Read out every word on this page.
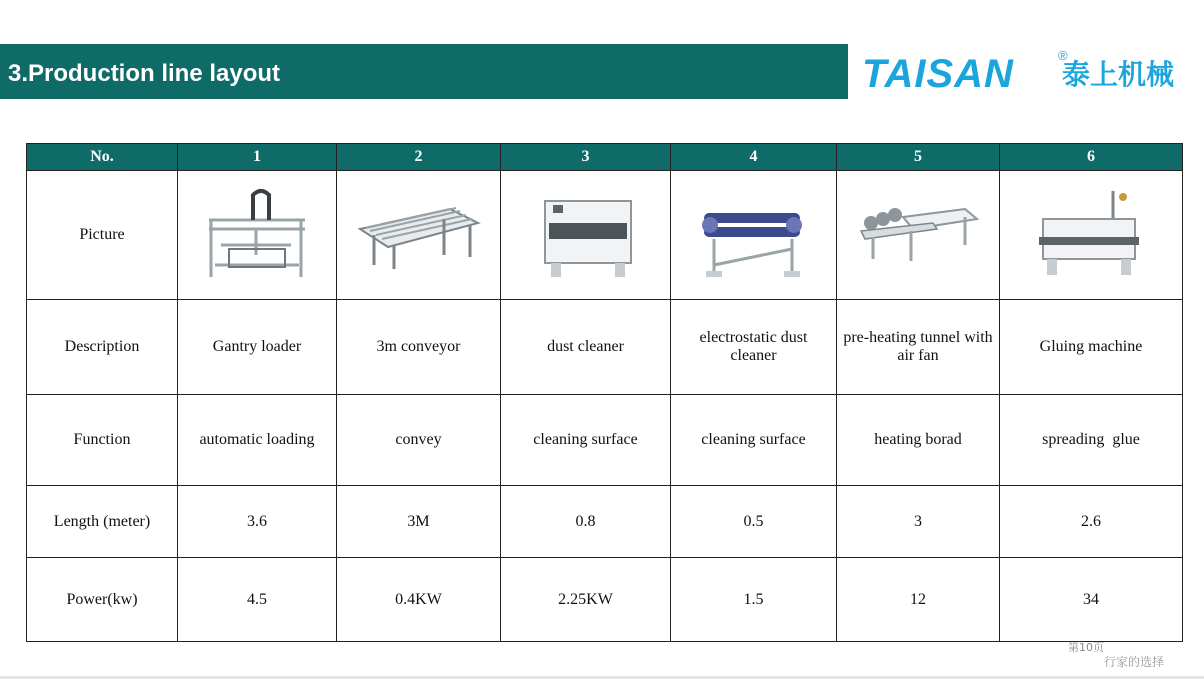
3.Production line layout	TAISAN	®
泰上机械
No.	1	2	3	4	5	6
Picture	

Description	Gantry loader	3m conveyor	dust cleaner	electrostatic dust cleaner	pre-heating tunnel with air fan	Gluing machine
Function	automatic loading	convey	cleaning surface	cleaning surface	heating borad	spreading  glue
Length (meter)	3.6	3M	0.8	0.5	3	2.6
Power(kw)	4.5	0.4KW	2.25KW	1.5	12	34
第10页
行家的选择
